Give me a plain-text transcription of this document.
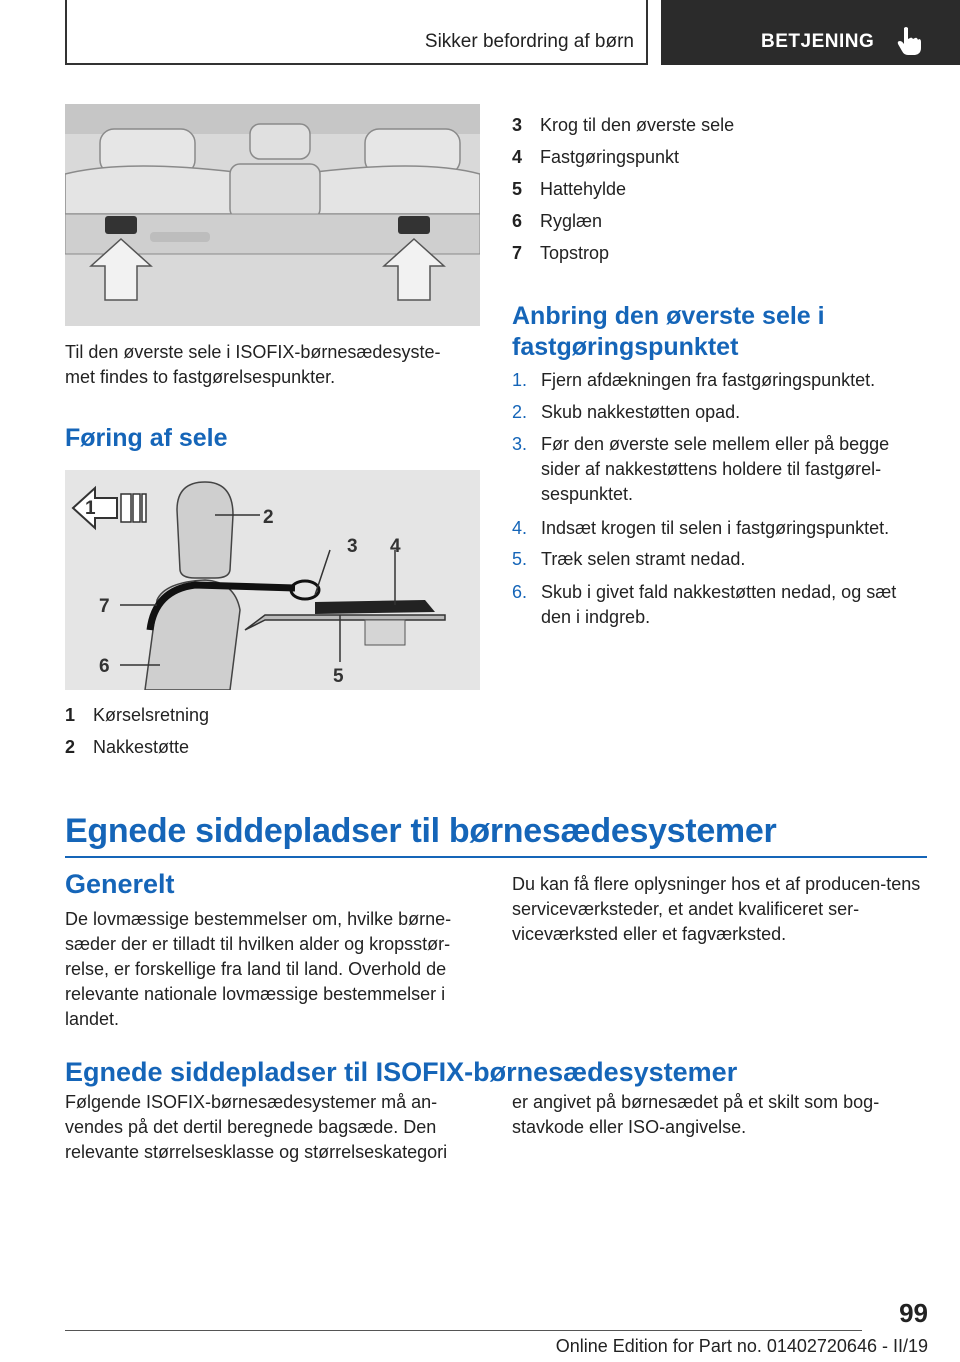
Sikker befordring af børn	BETJENING

Til den øverste sele i ISOFIX-børnesædesyste-
met findes to fastgørelsespunkter.

Føring af sele
1	2
3 4
5
6
7
1 Kørselsretning
2 Nakkestøtte
3 Krog til den øverste sele
4 Fastgøringspunkt
5 Hattehylde
6 Ryglæn
7 Topstrop
Anbring den øverste sele i fastgøringspunktet
1. Fjern afdækningen fra fastgøringspunktet.
2. Skub nakkestøtten opad.
3. Før den øverste sele mellem eller på begge sider af nakkestøttens holdere til fastgørel-sespunktet.
4. Indsæt krogen til selen i fastgøringspunktet.
5. Træk selen stramt nedad.
6. Skub i givet fald nakkestøtten nedad, og sæt den i indgreb.
Egnede siddepladser til børnesædesystemer
Generelt

De lovmæssige bestemmelser om, hvilke børne-sæder der er tilladt til hvilken alder og kropsstør-relse, er forskellige fra land til land. Overhold de relevante nationale lovmæssige bestemmelser i landet.

Du kan få flere oplysninger hos et af producen-tens serviceværksteder, et andet kvalificeret ser-viceværksted eller et fagværksted.

Egnede siddepladser til ISOFIX-børnesædesystemer

Følgende ISOFIX-børnesædesystemer må an-vendes på det dertil beregnede bagsæde. Den relevante størrelsesklasse og størrelseskategori

er angivet på børnesædet på et skilt som bog-stavkode eller ISO-angivelse.

99
Online Edition for Part no. 01402720646 - II/19
